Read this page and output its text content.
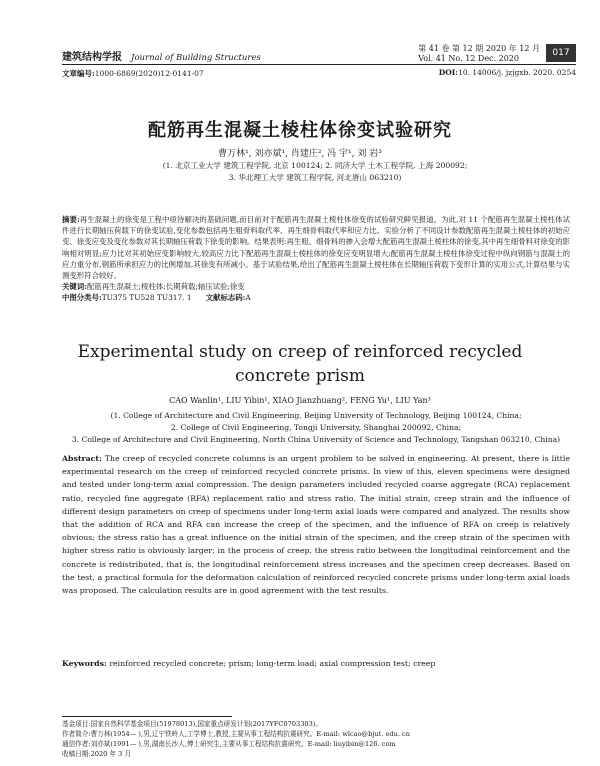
建筑结构学报 Journal of Building Structures
第 41 卷 第 12 期 2020 年 12 月
Vol. 41 No. 12 Dec. 2020
017
文章编号:1000-6869(2020)12-0141-07	DOI:10. 14006/j. jzjgxb. 2020. 0254
配筋再生混凝土棱柱体徐变试验研究
曹万林¹, 刘亦斌¹, 肖建庄², 冯 宇¹, 刘 岩³
(1. 北京工业大学 建筑工程学院, 北京 100124; 2. 同济大学 土木工程学院, 上海 200092;
3. 华北理工大学 建筑工程学院, 河北唐山 063210)
摘要:再生混凝土的徐变是工程中亟待解决的基础问题,而目前对于配筋再生混凝土棱柱体徐变的试验研究鲜见报道。为此,对 11 个配筋再生混凝土棱柱体试件进行长期轴压荷载下的徐变试验,变化参数包括再生粗骨料取代率、再生细骨料取代率和应力比。实验分析了不同设计参数配筋再生混凝土棱柱体的初始应变、徐变应变及变化参数对其长期轴压荷载下徐变的影响。结果表明:再生粗、细骨料的掺入会增大配筋再生混凝土棱柱体的徐变,其中再生细骨料对徐变的影响相对明显;应力比对其初始应变影响较大,较高应力比下配筋再生混凝土棱柱体的徐变应变明显增大;配筋再生混凝土棱柱体徐变过程中纵向钢筋与混凝土的应力重分布,钢筋所承担应力的比例增加,其徐变有所减小。基于试验结果,给出了配筋再生混凝土棱柱体在长期轴压荷载下变形计算的实用公式,计算结果与实测变形符合较好。
关键词:配筋再生混凝土;棱柱体;长期荷载;轴压试验;徐变
中图分类号:TU375 TU528 TU317. 1 文献标志码:A
Experimental study on creep of reinforced recycled concrete prism
CAO Wanlin¹, LIU Yibin¹, XIAO Jianzhuang², FENG Yu¹, LIU Yan³
(1. College of Architecture and Civil Engineering, Beijing University of Technology, Beijing 100124, China;
2. College of Civil Engineering, Tongji University, Shanghai 200092, China;
3. College of Architecture and Civil Engineering, North China University of Science and Technology, Tangshan 063210, China)
Abstract: The creep of recycled concrete columns is an urgent problem to be solved in engineering. At present, there is little experimental research on the creep of reinforced recycled concrete prisms. In view of this, eleven specimens were designed and tested under long-term axial compression. The design parameters included recycled coarse aggregate (RCA) replacement ratio, recycled fine aggregate (RFA) replacement ratio and stress ratio. The initial strain, creep strain and the influence of different design parameters on creep of specimens under long-term axial loads were compared and analyzed. The results show that the addition of RCA and RFA can increase the creep of the specimen, and the influence of RFA on creep is relatively obvious; the stress ratio has a great influence on the initial strain of the specimen, and the creep strain of the specimen with higher stress ratio is obviously larger; in the process of creep, the stress ratio between the longitudinal reinforcement and the concrete is redistributed, that is, the longitudinal reinforcement stress increases and the specimen creep decreases. Based on the test, a practical formula for the deformation calculation of reinforced recycled concrete prisms under long-term axial loads was proposed. The calculation results are in good agreement with the test results.
Keywords: reinforced recycled concrete; prism; long-term load; axial compression test; creep
基金项目:国家自然科学基金项目(51978013),国家重点研发计划(2017YFC0703303)。
作者简介:曹万林(1954— ),男,辽宁铁岭人,工学博士,教授,主要从事工程结构抗震研究。E-mail: wlcao@bjut. edu. cn
通信作者:刘亦斌(1991— ),男,湖南长沙人,博士研究生,主要从事工程结构抗震研究。E-mail: liuyibin@126. com
收稿日期:2020 年 3 月
